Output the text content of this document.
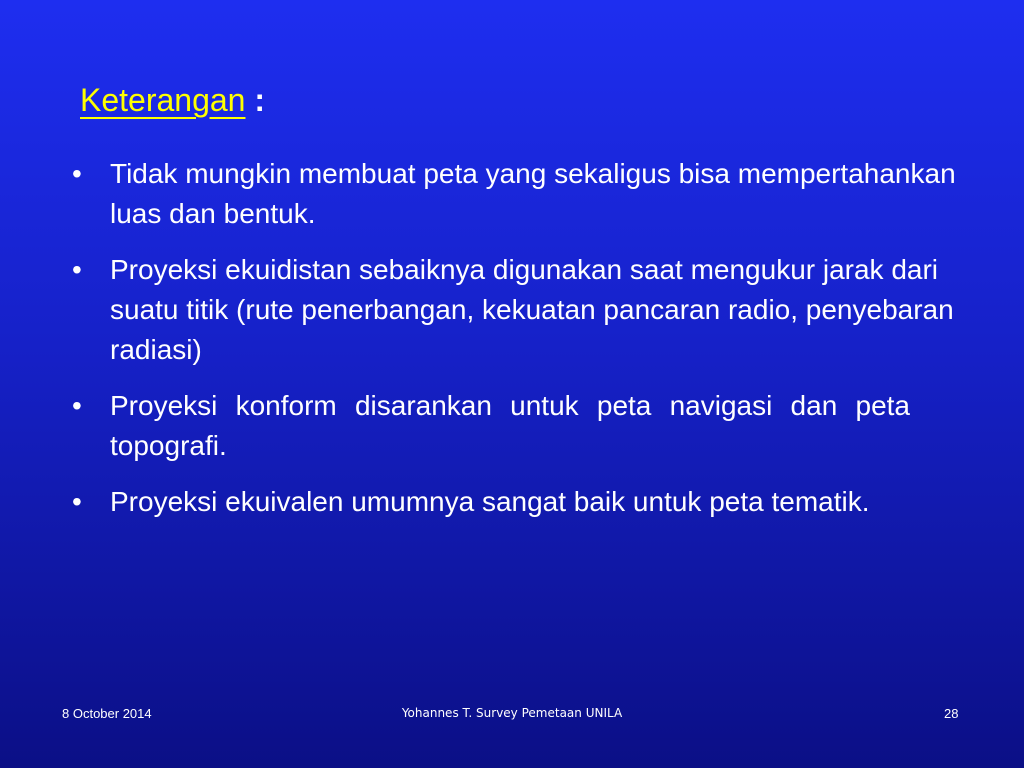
Keterangan :
•	Tidak mungkin membuat peta yang sekaligus bisa mempertahankan luas dan bentuk.
•	Proyeksi ekuidistan sebaiknya digunakan saat mengukur jarak dari suatu titik (rute penerbangan, kekuatan pancaran radio, penyebaran radiasi)
•	Proyeksi konform disarankan untuk peta navigasi dan peta topografi.
•	Proyeksi ekuivalen umumnya sangat baik untuk peta tematik.
8 October 2014	Yohannes T. Survey Pemetaan UNILA	28
